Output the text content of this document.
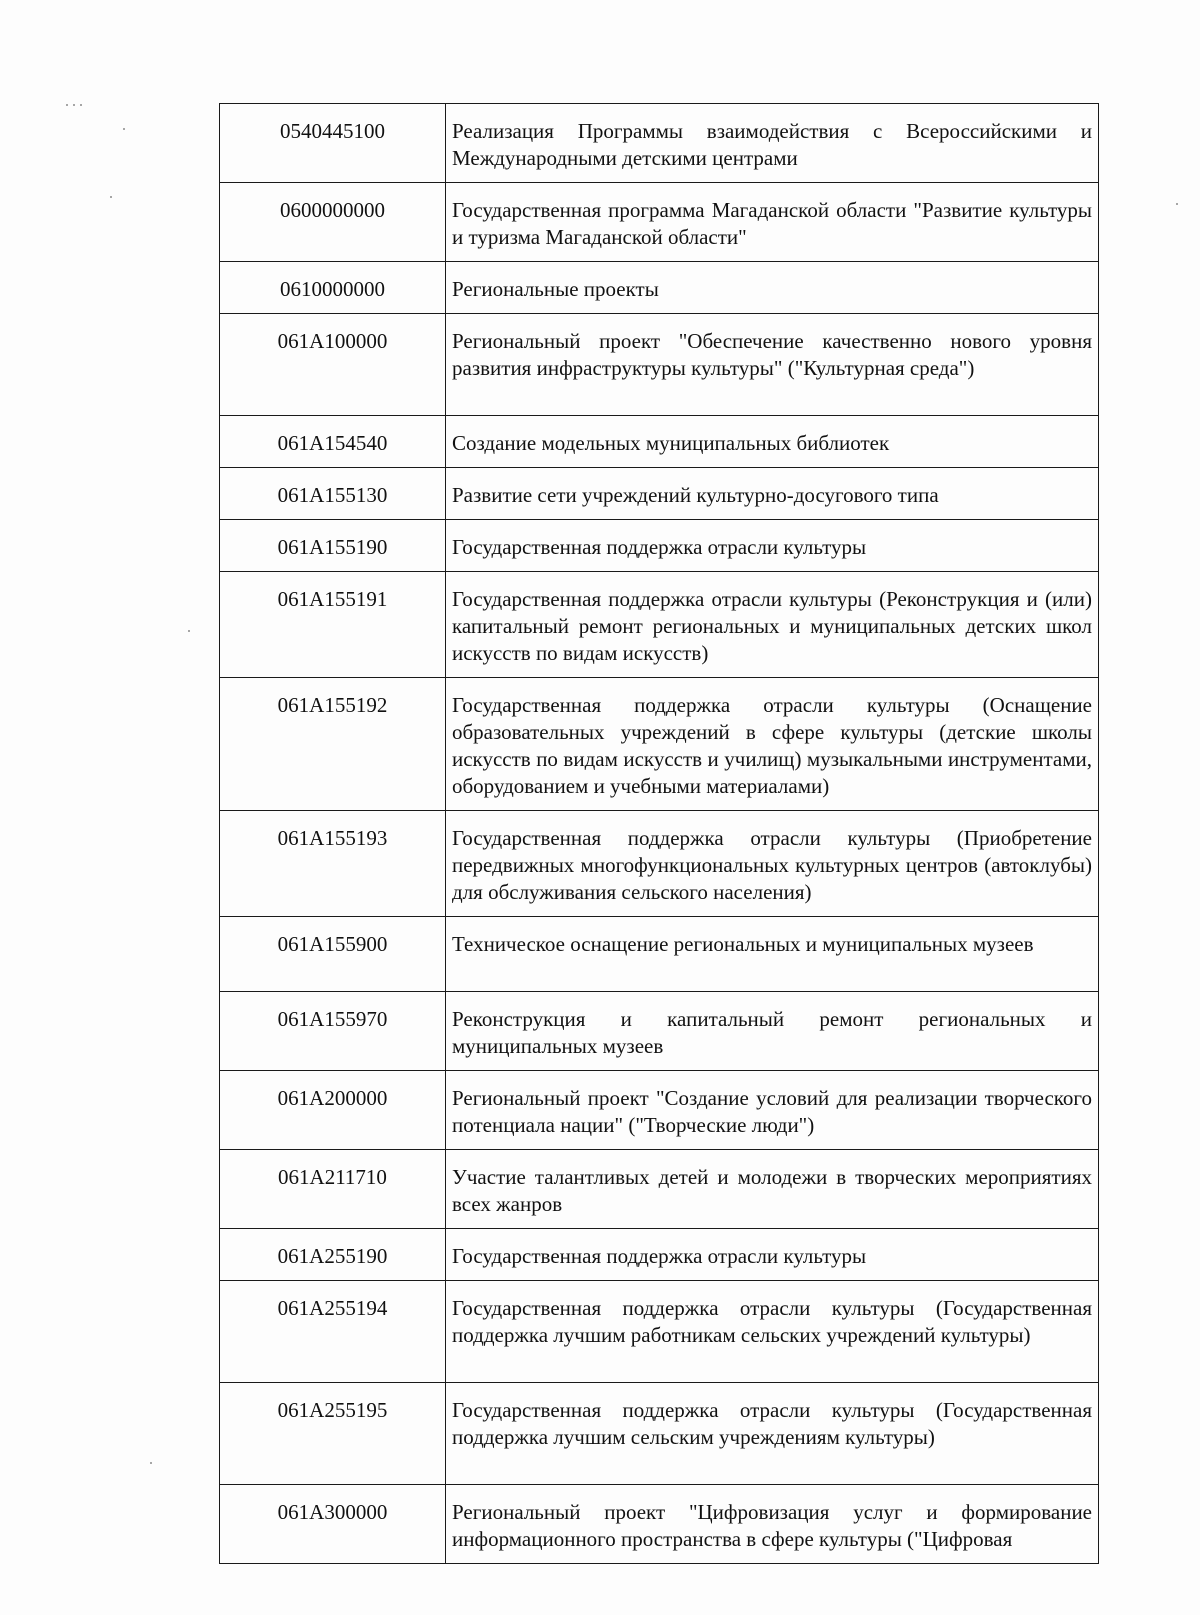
0540445100	Реализация Программы взаимодействия с Всероссийскими и Международными детскими центрами
0600000000	Государственная программа Магаданской области "Развитие культуры и туризма Магаданской области"
0610000000	Региональные проекты
061A100000	Региональный проект "Обеспечение качественно нового уровня развития инфраструктуры культуры" ("Культурная среда")
061A154540	Создание модельных муниципальных библиотек
061A155130	Развитие сети учреждений культурно-досугового типа
061A155190	Государственная поддержка отрасли культуры
061A155191	Государственная поддержка отрасли культуры (Реконструкция и (или) капитальный ремонт региональных и муниципальных детских школ искусств по видам искусств)
061A155192	Государственная поддержка отрасли культуры (Оснащение образовательных учреждений в сфере культуры (детские школы искусств по видам искусств и училищ) музыкальными инструментами, оборудованием и учебными материалами)
061A155193	Государственная поддержка отрасли культуры (Приобретение передвижных многофункциональных культурных центров (автоклубы) для обслуживания сельского населения)
061A155900	Техническое оснащение региональных и муниципальных музеев
061A155970	Реконструкция и капитальный ремонт региональных и муниципальных музеев
061A200000	Региональный проект "Создание условий для реализации творческого потенциала нации" ("Творческие люди")
061A211710	Участие талантливых детей и молодежи в творческих мероприятиях всех жанров
061A255190	Государственная поддержка отрасли культуры
061A255194	Государственная поддержка отрасли культуры (Государственная поддержка лучшим работникам сельских учреждений культуры)
061A255195	Государственная поддержка отрасли культуры (Государственная поддержка лучшим сельским учреждениям культуры)
061A300000	Региональный проект "Цифровизация услуг и формирование информационного пространства в сфере культуры ("Цифровая
